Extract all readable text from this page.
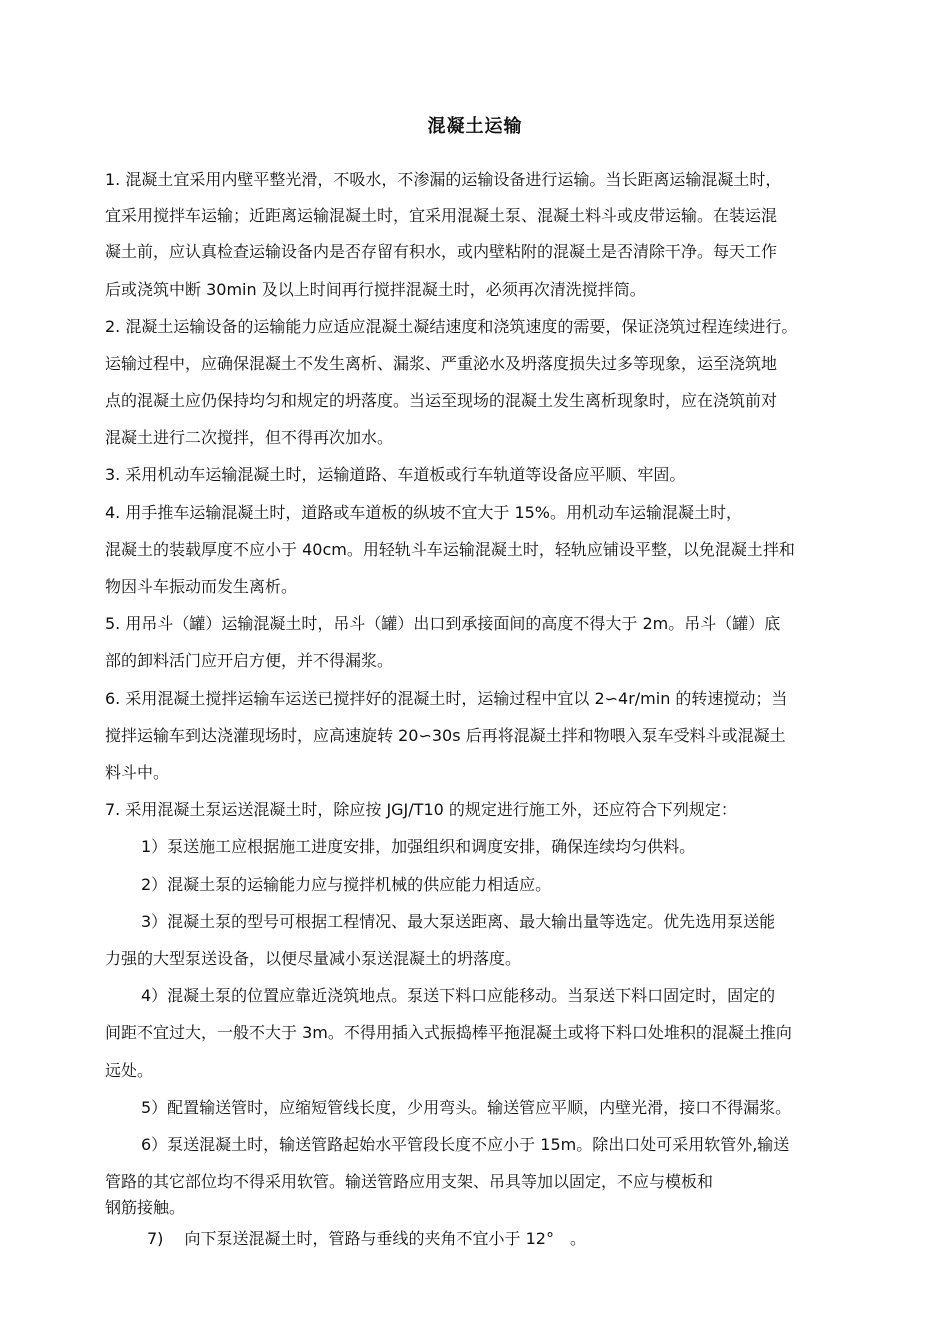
混凝土运输
1. 混凝土宜采用内壁平整光滑，不吸水，不渗漏的运输设备进行运输。当长距离运输混凝土时，
宜采用搅拌车运输；近距离运输混凝土时，宜采用混凝土泵、混凝土料斗或皮带运输。在装运混
凝土前，应认真检查运输设备内是否存留有积水，或内壁粘附的混凝土是否清除干净。每天工作
后或浇筑中断 30min 及以上时间再行搅拌混凝土时，必须再次清洗搅拌筒。
2. 混凝土运输设备的运输能力应适应混凝土凝结速度和浇筑速度的需要，保证浇筑过程连续进行。
运输过程中，应确保混凝土不发生离析、漏浆、严重泌水及坍落度损失过多等现象，运至浇筑地
点的混凝土应仍保持均匀和规定的坍落度。当运至现场的混凝土发生离析现象时，应在浇筑前对
混凝土进行二次搅拌，但不得再次加水。
3. 采用机动车运输混凝土时，运输道路、车道板或行车轨道等设备应平顺、牢固。
4. 用手推车运输混凝土时，道路或车道板的纵坡不宜大于 15%。用机动车运输混凝土时，
混凝土的装载厚度不应小于 40cm。用轻轨斗车运输混凝土时，轻轨应铺设平整，以免混凝土拌和
物因斗车振动而发生离析。
5. 用吊斗（罐）运输混凝土时，吊斗（罐）出口到承接面间的高度不得大于 2m。吊斗（罐）底
部的卸料活门应开启方便，并不得漏浆。
6. 采用混凝土搅拌运输车运送已搅拌好的混凝土时，运输过程中宜以 2∽4r/min 的转速搅动；当
搅拌运输车到达浇灌现场时，应高速旋转 20∽30s 后再将混凝土拌和物喂入泵车受料斗或混凝土
料斗中。
7. 采用混凝土泵运送混凝土时，除应按 JGJ/T10 的规定进行施工外，还应符合下列规定：
1）泵送施工应根据施工进度安排，加强组织和调度安排，确保连续均匀供料。
2）混凝土泵的运输能力应与搅拌机械的供应能力相适应。
3）混凝土泵的型号可根据工程情况、最大泵送距离、最大输出量等选定。优先选用泵送能
力强的大型泵送设备，以便尽量减小泵送混凝土的坍落度。
4）混凝土泵的位置应靠近浇筑地点。泵送下料口应能移动。当泵送下料口固定时，固定的
间距不宜过大，一般不大于 3m。不得用插入式振捣棒平拖混凝土或将下料口处堆积的混凝土推向
远处。
5）配置输送管时，应缩短管线长度，少用弯头。输送管应平顺，内壁光滑，接口不得漏浆。
6）泵送混凝土时，输送管路起始水平管段长度不应小于 15m。除出口处可采用软管外,输送
管路的其它部位均不得采用软管。输送管路应用支架、吊具等加以固定，不应与模板和
钢筋接触。
7)　 向下泵送混凝土时，管路与垂线的夹角不宜小于 12°　。
